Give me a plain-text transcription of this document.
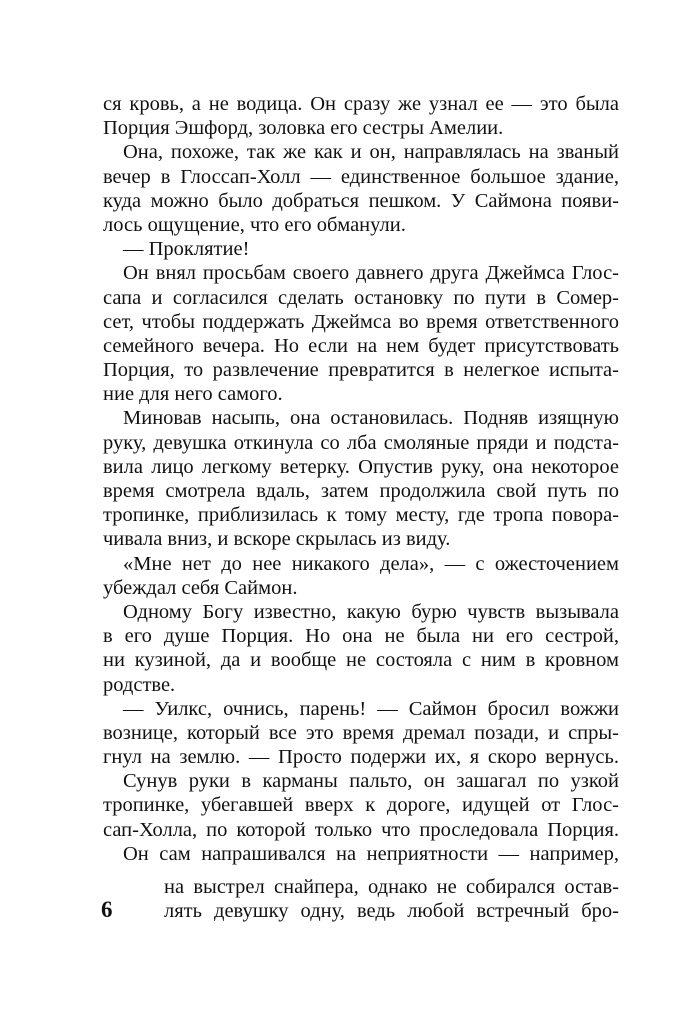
ся кровь, а не водица. Он сразу же узнал ее — это была
Порция Эшфорд, золовка его сестры Амелии.
Она, похоже, так же как и он, направлялась на званый
вечер в Глоссап-Холл — единственное большое здание,
куда можно было добраться пешком. У Саймона появи-
лось ощущение, что его обманули.
— Проклятие!
Он внял просьбам своего давнего друга Джеймса Глос-
сапа и согласился сделать остановку по пути в Сомер-
сет, чтобы поддержать Джеймса во время ответственного
семейного вечера. Но если на нем будет присутствовать
Порция, то развлечение превратится в нелегкое испыта-
ние для него самого.
Миновав насыпь, она остановилась. Подняв изящную
руку, девушка откинула со лба смоляные пряди и подста-
вила лицо легкому ветерку. Опустив руку, она некоторое
время смотрела вдаль, затем продолжила свой путь по
тропинке, приблизилась к тому месту, где тропа повора-
чивала вниз, и вскоре скрылась из виду.
«Мне нет до нее никакого дела», — с ожесточением
убеждал себя Саймон.
Одному Богу известно, какую бурю чувств вызывала
в его душе Порция. Но она не была ни его сестрой,
ни кузиной, да и вообще не состояла с ним в кровном
родстве.
— Уилкс, очнись, парень! — Саймон бросил вожжи
вознице, который все это время дремал позади, и спры-
гнул на землю. — Просто подержи их, я скоро вернусь.
Сунув руки в карманы пальто, он зашагал по узкой
тропинке, убегавшей вверх к дороге, идущей от Глос-
сап-Холла, по которой только что проследовала Порция.
Он сам напрашивался на неприятности — например,
на выстрел снайпера, однако не собирался остав-
лять девушку одну, ведь любой встречный бро-
6
